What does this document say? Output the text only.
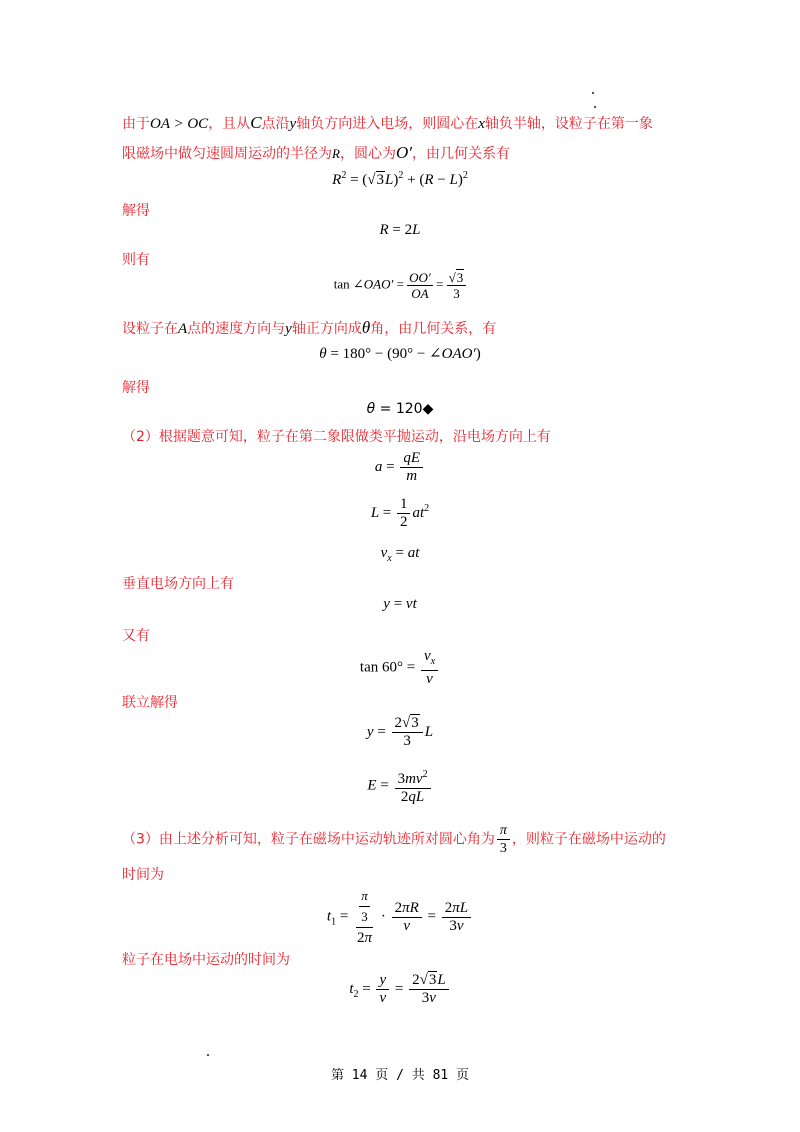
由于OA > OC，且从C点沿y轴负方向进入电场，则圆心在x轴负半轴，设粒子在第一象
限磁场中做匀速圆周运动的半径为R，圆心为O′，由几何关系有
$R^2 = (√3L)^2 + (R - L)^2$
解得
R = 2L
则有
tan ∠OAO′ = $\frac{OO'}{OA} = \frac{√3}{3}$
设粒子在A点的速度方向与y轴正方向成θ角，由几何关系，有
θ = 180° − (90° − ∠OAO′)
解得
θ = 120◆
（2）根据题意可知，粒子在第二象限做类平抛运动，沿电场方向上有
$a = \frac{qE}{m}$
$L = \frac{1}{2} at^2$
$v_x$ = at
垂直电场方向上有
y = vt
又有
$\tan 60^\circ = \frac{v_x}{v}$
联立解得
$y = \frac{2√3}{3}$ L
$E = \frac{3mv^2}{2qL}$
（3）由上述分析可知，粒子在磁场中运动轨迹所对圆心角为 $\frac{\pi}{3}$ ，则粒子在磁场中运动的
时间为
$t_1 = \frac{\frac{\pi}{3}}{2\pi} \cdot \frac{2\pi R}{v} = \frac{2\pi L}{3v}$
粒子在电场中运动的时间为
$t_2 = \frac{y}{v} = \frac{2√3L}{3v}$
第 14 页 / 共 81 页
